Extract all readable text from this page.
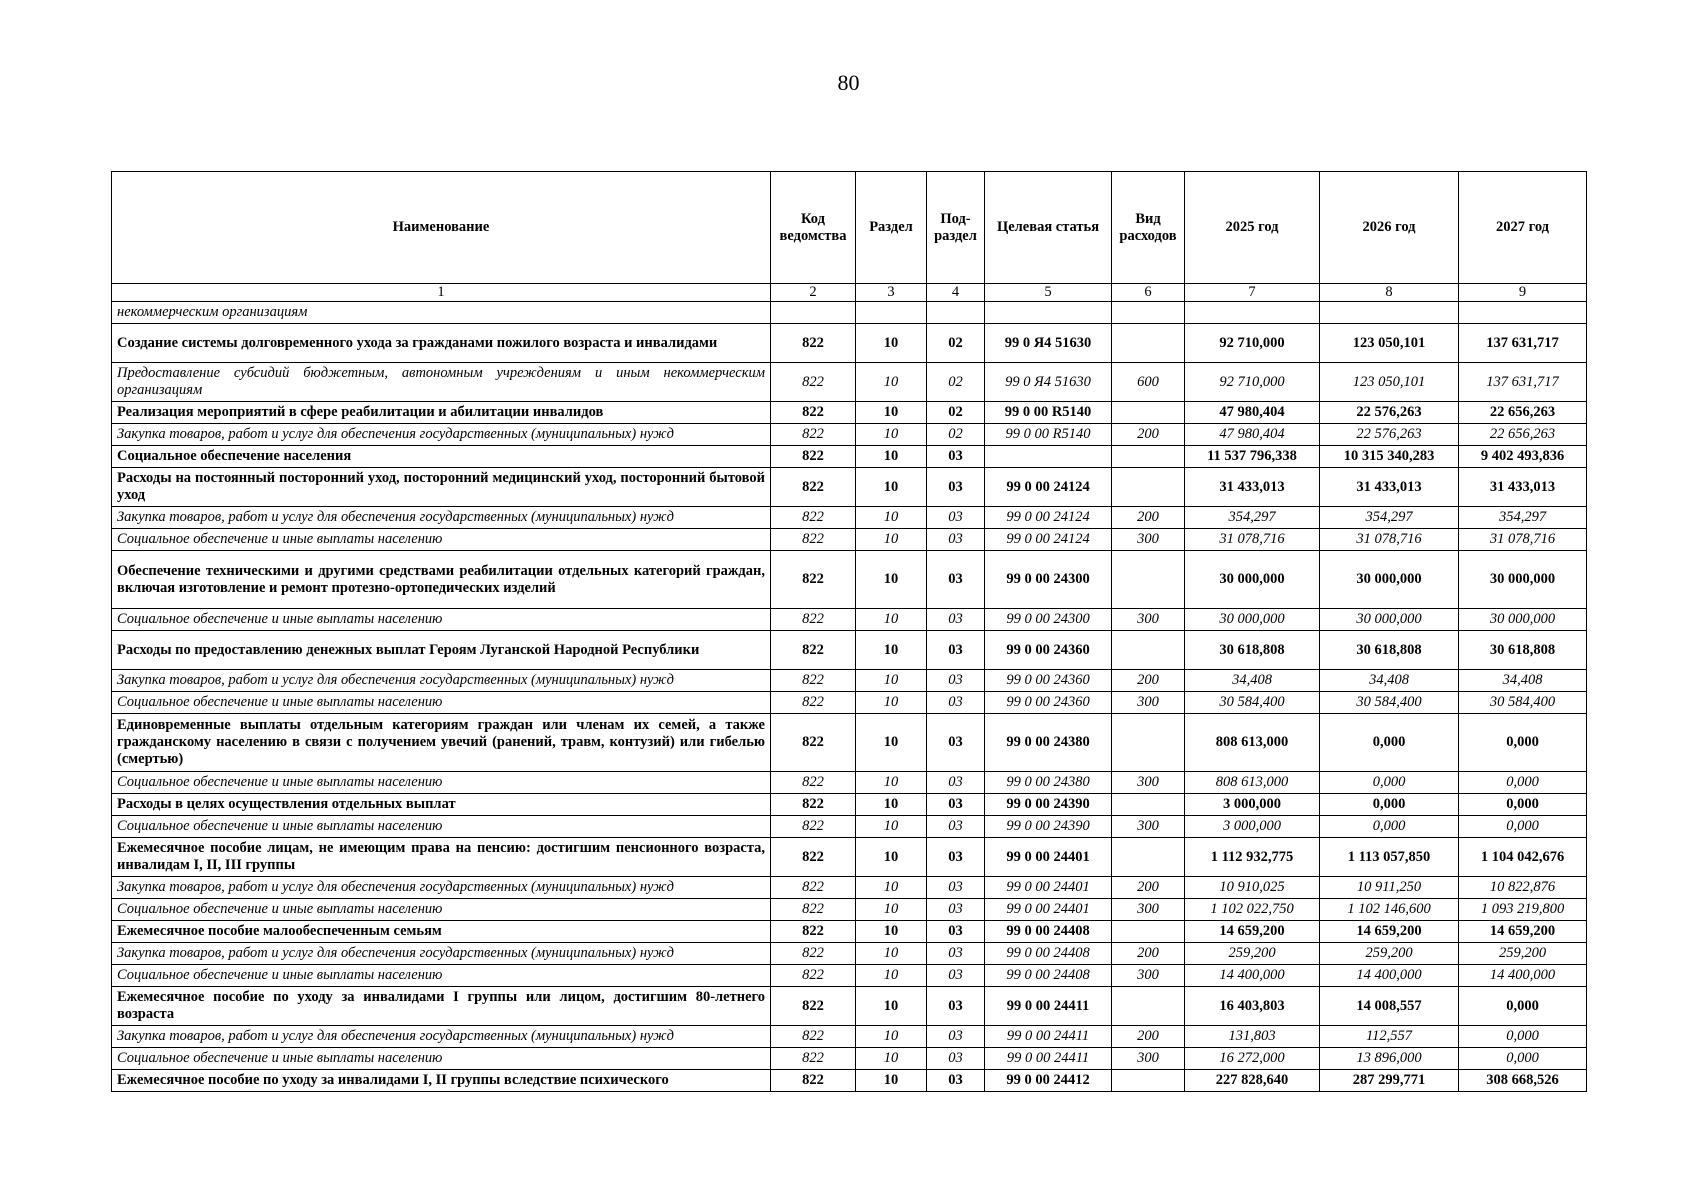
80
Наименование	Код ведомства	Раздел	Под- раздел	Целевая статья	Вид расходов	2025 год	2026 год	2027 год
1	2	3	4	5	6	7	8	9
некоммерческим организациям								
Создание системы долговременного ухода за гражданами пожилого возраста и инвалидами	822	10	02	99 0 Я4 51630		92 710,000	123 050,101	137 631,717
Предоставление субсидий бюджетным, автономным учреждениям и иным некоммерческим организациям	822	10	02	99 0 Я4 51630	600	92 710,000	123 050,101	137 631,717
Реализация мероприятий в сфере реабилитации и абилитации инвалидов	822	10	02	99 0 00 R5140		47 980,404	22 576,263	22 656,263
Закупка товаров, работ и услуг для обеспечения государственных (муниципальных) нужд	822	10	02	99 0 00 R5140	200	47 980,404	22 576,263	22 656,263
Социальное обеспечение населения	822	10	03			11 537 796,338	10 315 340,283	9 402 493,836
Расходы на постоянный посторонний уход, посторонний медицинский уход, посторонний бытовой уход	822	10	03	99 0 00 24124		31 433,013	31 433,013	31 433,013
Закупка товаров, работ и услуг для обеспечения государственных (муниципальных) нужд	822	10	03	99 0 00 24124	200	354,297	354,297	354,297
Социальное обеспечение и иные выплаты населению	822	10	03	99 0 00 24124	300	31 078,716	31 078,716	31 078,716
Обеспечение техническими и другими средствами реабилитации отдельных категорий граждан, включая изготовление и ремонт протезно-ортопедических изделий	822	10	03	99 0 00 24300		30 000,000	30 000,000	30 000,000
Социальное обеспечение и иные выплаты населению	822	10	03	99 0 00 24300	300	30 000,000	30 000,000	30 000,000
Расходы по предоставлению денежных выплат Героям Луганской Народной Республики	822	10	03	99 0 00 24360		30 618,808	30 618,808	30 618,808
Закупка товаров, работ и услуг для обеспечения государственных (муниципальных) нужд	822	10	03	99 0 00 24360	200	34,408	34,408	34,408
Социальное обеспечение и иные выплаты населению	822	10	03	99 0 00 24360	300	30 584,400	30 584,400	30 584,400
Единовременные выплаты отдельным категориям граждан или членам их семей, а также гражданскому населению в связи с получением увечий (ранений, травм, контузий) или гибелью (смертью)	822	10	03	99 0 00 24380		808 613,000	0,000	0,000
Социальное обеспечение и иные выплаты населению	822	10	03	99 0 00 24380	300	808 613,000	0,000	0,000
Расходы в целях осуществления отдельных выплат	822	10	03	99 0 00 24390		3 000,000	0,000	0,000
Социальное обеспечение и иные выплаты населению	822	10	03	99 0 00 24390	300	3 000,000	0,000	0,000
Ежемесячное пособие лицам, не имеющим права на пенсию: достигшим пенсионного возраста, инвалидам I, II, III группы	822	10	03	99 0 00 24401		1 112 932,775	1 113 057,850	1 104 042,676
Закупка товаров, работ и услуг для обеспечения государственных (муниципальных) нужд	822	10	03	99 0 00 24401	200	10 910,025	10 911,250	10 822,876
Социальное обеспечение и иные выплаты населению	822	10	03	99 0 00 24401	300	1 102 022,750	1 102 146,600	1 093 219,800
Ежемесячное пособие малообеспеченным семьям	822	10	03	99 0 00 24408		14 659,200	14 659,200	14 659,200
Закупка товаров, работ и услуг для обеспечения государственных (муниципальных) нужд	822	10	03	99 0 00 24408	200	259,200	259,200	259,200
Социальное обеспечение и иные выплаты населению	822	10	03	99 0 00 24408	300	14 400,000	14 400,000	14 400,000
Ежемесячное пособие по уходу за инвалидами I группы или лицом, достигшим 80-летнего возраста	822	10	03	99 0 00 24411		16 403,803	14 008,557	0,000
Закупка товаров, работ и услуг для обеспечения государственных (муниципальных) нужд	822	10	03	99 0 00 24411	200	131,803	112,557	0,000
Социальное обеспечение и иные выплаты населению	822	10	03	99 0 00 24411	300	16 272,000	13 896,000	0,000
Ежемесячное пособие по уходу за инвалидами I, II группы вследствие психического	822	10	03	99 0 00 24412		227 828,640	287 299,771	308 668,526
